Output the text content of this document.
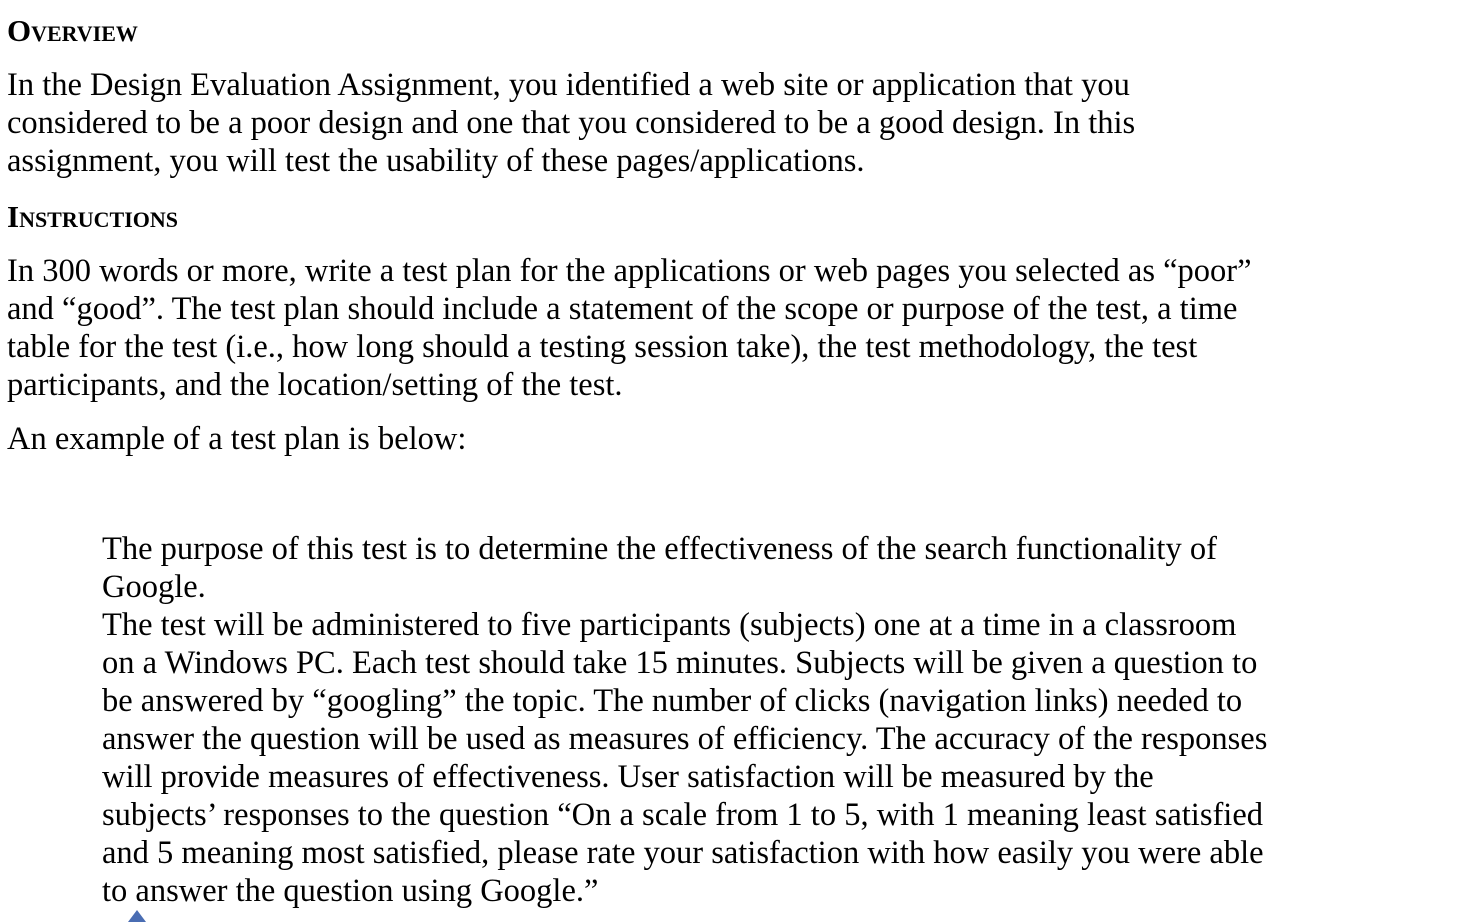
Overview

In the Design Evaluation Assignment, you identified a web site or application that you
considered to be a poor design and one that you considered to be a good design. In this
assignment, you will test the usability of these pages/applications.

Instructions

In 300 words or more, write a test plan for the applications or web pages you selected as “poor”
and “good”. The test plan should include a statement of the scope or purpose of the test, a time
table for the test (i.e., how long should a testing session take), the test methodology, the test
participants, and the location/setting of the test.

An example of a test plan is below:

The purpose of this test is to determine the effectiveness of the search functionality of
Google.
The test will be administered to five participants (subjects) one at a time in a classroom
on a Windows PC. Each test should take 15 minutes. Subjects will be given a question to
be answered by “googling” the topic. The number of clicks (navigation links) needed to
answer the question will be used as measures of efficiency. The accuracy of the responses
will provide measures of effectiveness. User satisfaction will be measured by the
subjects’ responses to the question “On a scale from 1 to 5, with 1 meaning least satisfied
and 5 meaning most satisfied, please rate your satisfaction with how easily you were able
to answer the question using Google.”
